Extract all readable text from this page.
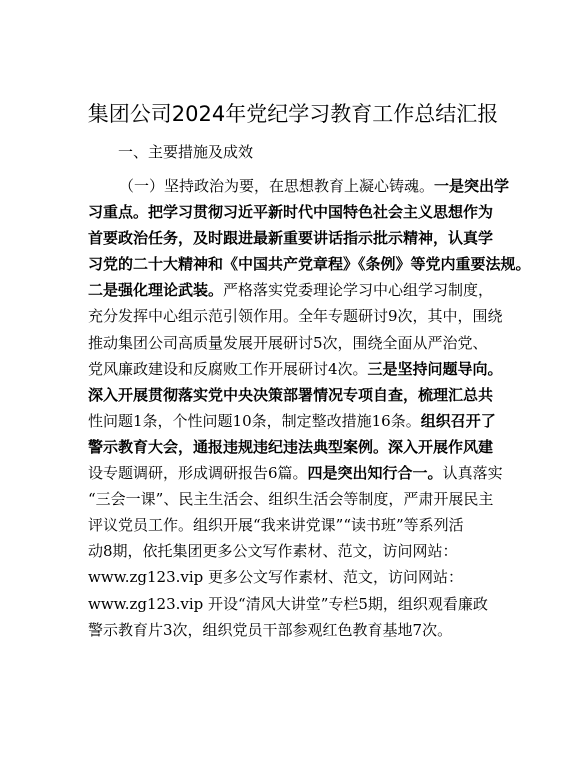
集团公司2024年党纪学习教育工作总结汇报
一、主要措施及成效
（一）坚持政治为要，在思想教育上凝心铸魂。一是突出学
习重点。把学习贯彻习近平新时代中国特色社会主义思想作为
首要政治任务，及时跟进最新重要讲话指示批示精神，认真学
习党的二十大精神和《中国共产党章程》《条例》等党内重要法规。
二是强化理论武装。严格落实党委理论学习中心组学习制度，
充分发挥中心组示范引领作用。全年专题研讨9次，其中，围绕
推动集团公司高质量发展开展研讨5次，围绕全面从严治党、
党风廉政建设和反腐败工作开展研讨4次。三是坚持问题导向。
深入开展贯彻落实党中央决策部署情况专项自查，梳理汇总共
性问题1条，个性问题10条，制定整改措施16条。组织召开了
警示教育大会，通报违规违纪违法典型案例。深入开展作风建
设专题调研，形成调研报告6篇。四是突出知行合一。认真落实
“三会一课”、民主生活会、组织生活会等制度，严肃开展民主
评议党员工作。组织开展“我来讲党课”“读书班”等系列活
动8期，依托集团更多公文写作素材、范文，访问网站：
www.zg123.vip 更多公文写作素材、范文，访问网站：
www.zg123.vip 开设“清风大讲堂”专栏5期，组织观看廉政
警示教育片3次，组织党员干部参观红色教育基地7次。
